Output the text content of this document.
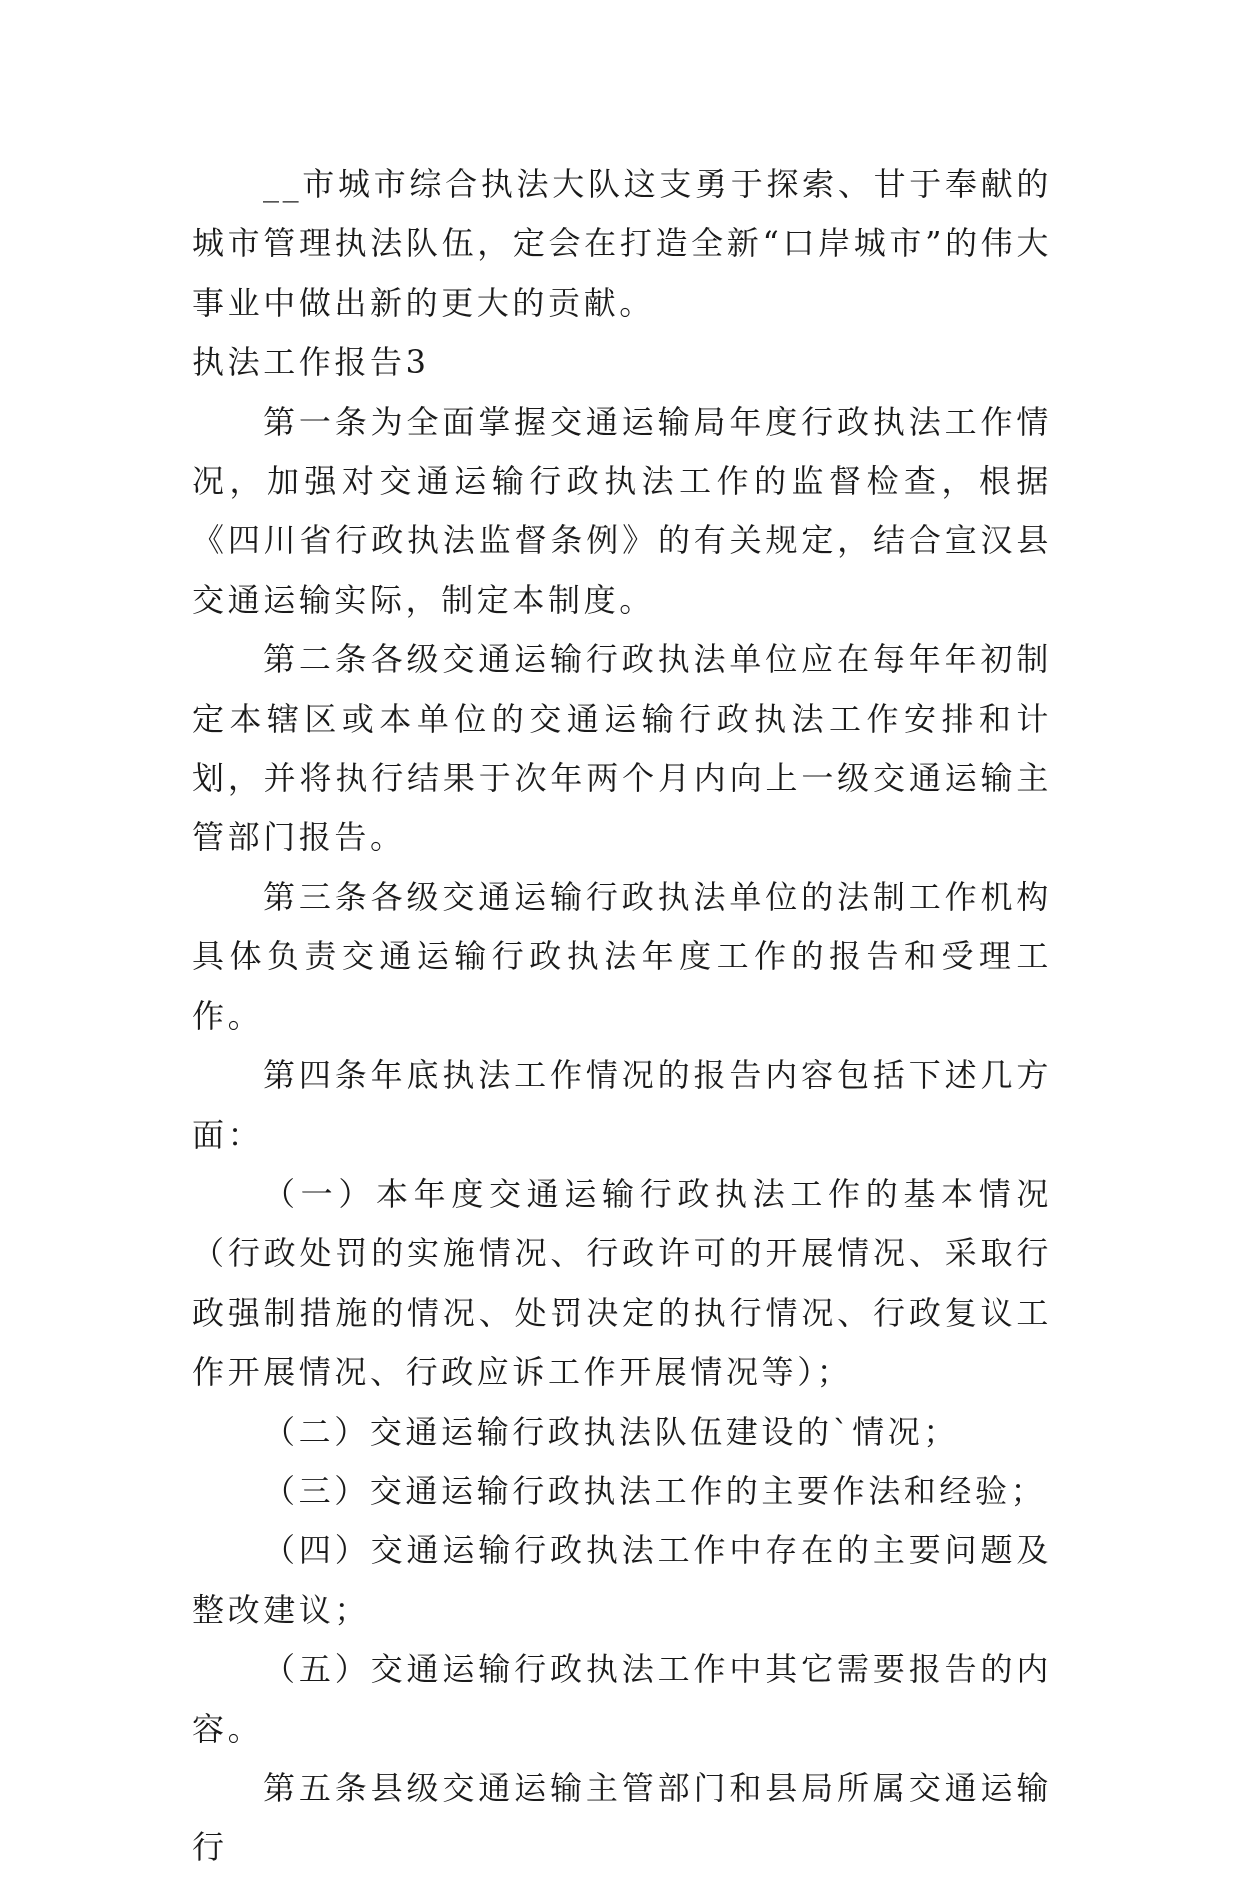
__市城市综合执法大队这支勇于探索、甘于奉献的城市管理执法队伍，定会在打造全新“口岸城市”的伟大事业中做出新的更大的贡献。

执法工作报告3

第一条为全面掌握交通运输局年度行政执法工作情况，加强对交通运输行政执法工作的监督检查，根据《四川省行政执法监督条例》的有关规定，结合宣汉县交通运输实际，制定本制度。

第二条各级交通运输行政执法单位应在每年年初制定本辖区或本单位的交通运输行政执法工作安排和计划，并将执行结果于次年两个月内向上一级交通运输主管部门报告。

第三条各级交通运输行政执法单位的法制工作机构具体负责交通运输行政执法年度工作的报告和受理工作。

第四条年底执法工作情况的报告内容包括下述几方面：

（一）本年度交通运输行政执法工作的基本情况（行政处罚的实施情况、行政许可的开展情况、采取行政强制措施的情况、处罚决定的执行情况、行政复议工作开展情况、行政应诉工作开展情况等）；

（二）交通运输行政执法队伍建设的`情况；

（三）交通运输行政执法工作的主要作法和经验；

（四）交通运输行政执法工作中存在的主要问题及整改建议；

（五）交通运输行政执法工作中其它需要报告的内容。

第五条县级交通运输主管部门和县局所属交通运输行
